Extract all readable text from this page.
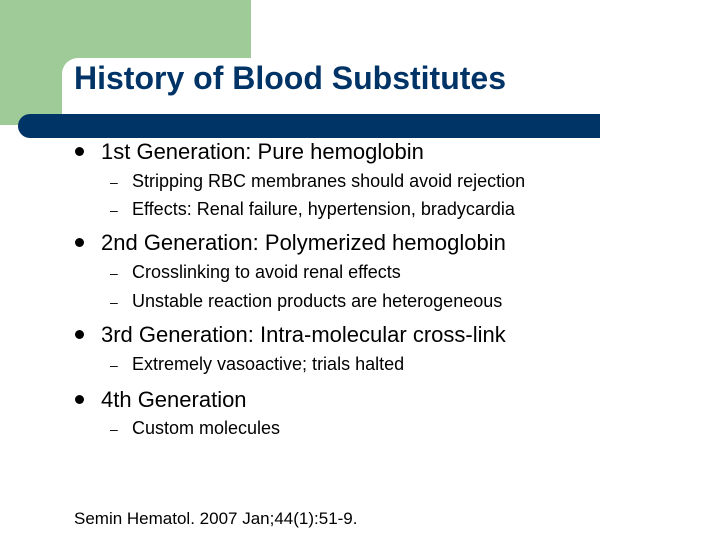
History of Blood Substitutes
1st Generation: Pure hemoglobin
– Stripping RBC membranes should avoid rejection
– Effects: Renal failure, hypertension, bradycardia
2nd Generation: Polymerized hemoglobin
– Crosslinking to avoid renal effects
– Unstable reaction products are heterogeneous
3rd Generation: Intra-molecular cross-link
– Extremely vasoactive; trials halted
4th Generation
– Custom molecules
Semin Hematol. 2007 Jan;44(1):51-9.
